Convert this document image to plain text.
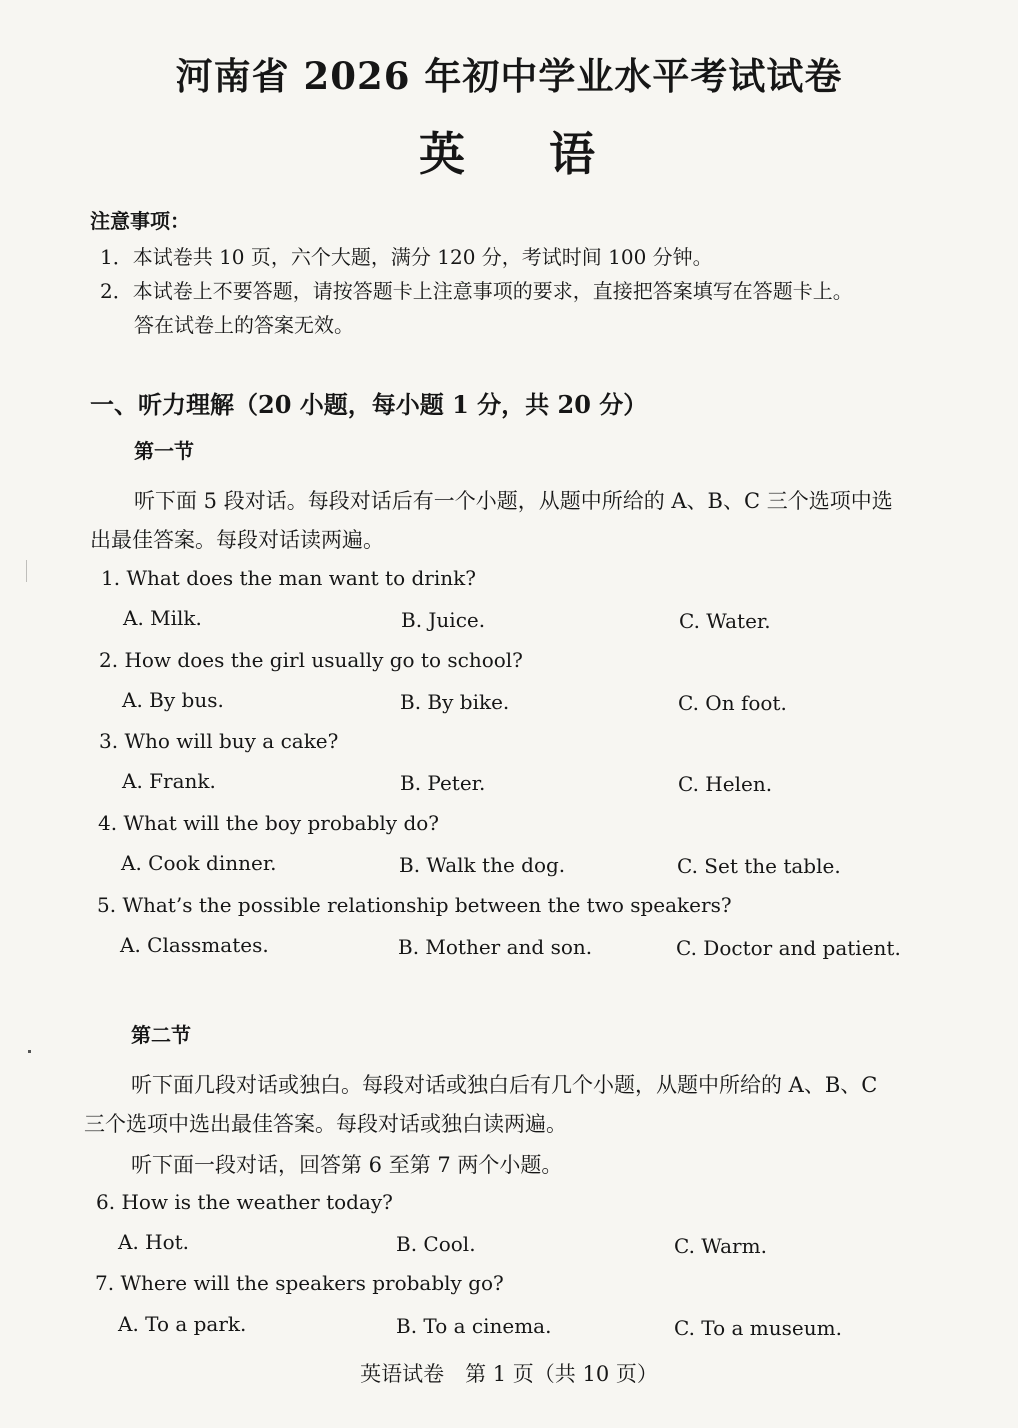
河南省 2026 年初中学业水平考试试卷
英 语
注意事项：
1．本试卷共 10 页，六个大题，满分 120 分，考试时间 100 分钟。
2．本试卷上不要答题，请按答题卡上注意事项的要求，直接把答案填写在答题卡上。
答在试卷上的答案无效。
一、听力理解（20 小题，每小题 1 分，共 20 分）
第一节
听下面 5 段对话。每段对话后有一个小题，从题中所给的 A、B、C 三个选项中选
出最佳答案。每段对话读两遍。
1. What does the man want to drink?
A. Milk.	B. Juice.	C. Water.
2. How does the girl usually go to school?
A. By bus.	B. By bike.	C. On foot.
3. Who will buy a cake?
A. Frank.	B. Peter.	C. Helen.
4. What will the boy probably do?
A. Cook dinner.	B. Walk the dog.	C. Set the table.
5. What’s the possible relationship between the two speakers?
A. Classmates.	B. Mother and son.	C. Doctor and patient.
第二节
听下面几段对话或独白。每段对话或独白后有几个小题，从题中所给的 A、B、C
三个选项中选出最佳答案。每段对话或独白读两遍。
听下面一段对话，回答第 6 至第 7 两个小题。
6. How is the weather today?
A. Hot.	B. Cool.	C. Warm.
7. Where will the speakers probably go?
A. To a park.	B. To a cinema.	C. To a museum.
英语试卷　第 1 页（共 10 页）
